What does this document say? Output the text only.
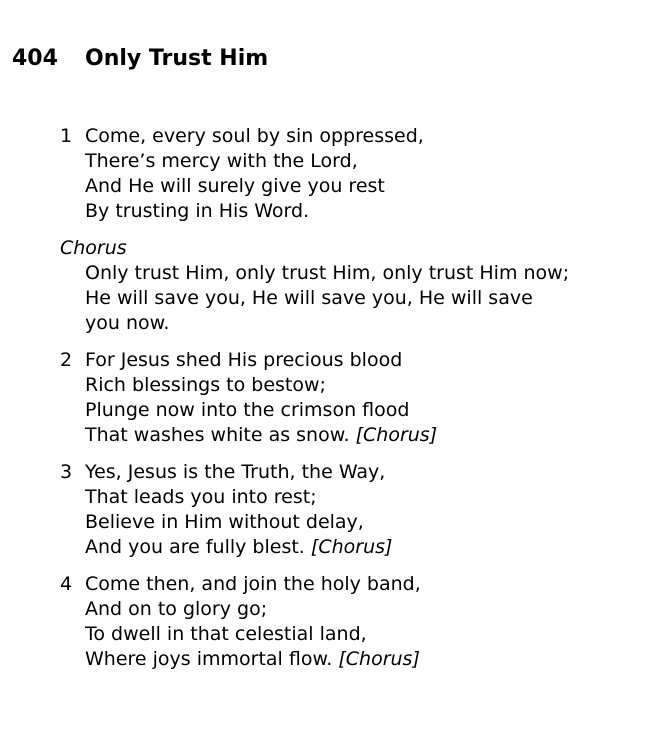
404 Only Trust Him
1 Come, every soul by sin oppressed,
There’s mercy with the Lord,
And He will surely give you rest
By trusting in His Word.
Chorus
Only trust Him, only trust Him, only trust Him now;
He will save you, He will save you, He will save you now.
2 For Jesus shed His precious blood
Rich blessings to bestow;
Plunge now into the crimson flood
That washes white as snow. [Chorus]
3 Yes, Jesus is the Truth, the Way,
That leads you into rest;
Believe in Him without delay,
And you are fully blest. [Chorus]
4 Come then, and join the holy band,
And on to glory go;
To dwell in that celestial land,
Where joys immortal flow. [Chorus]
